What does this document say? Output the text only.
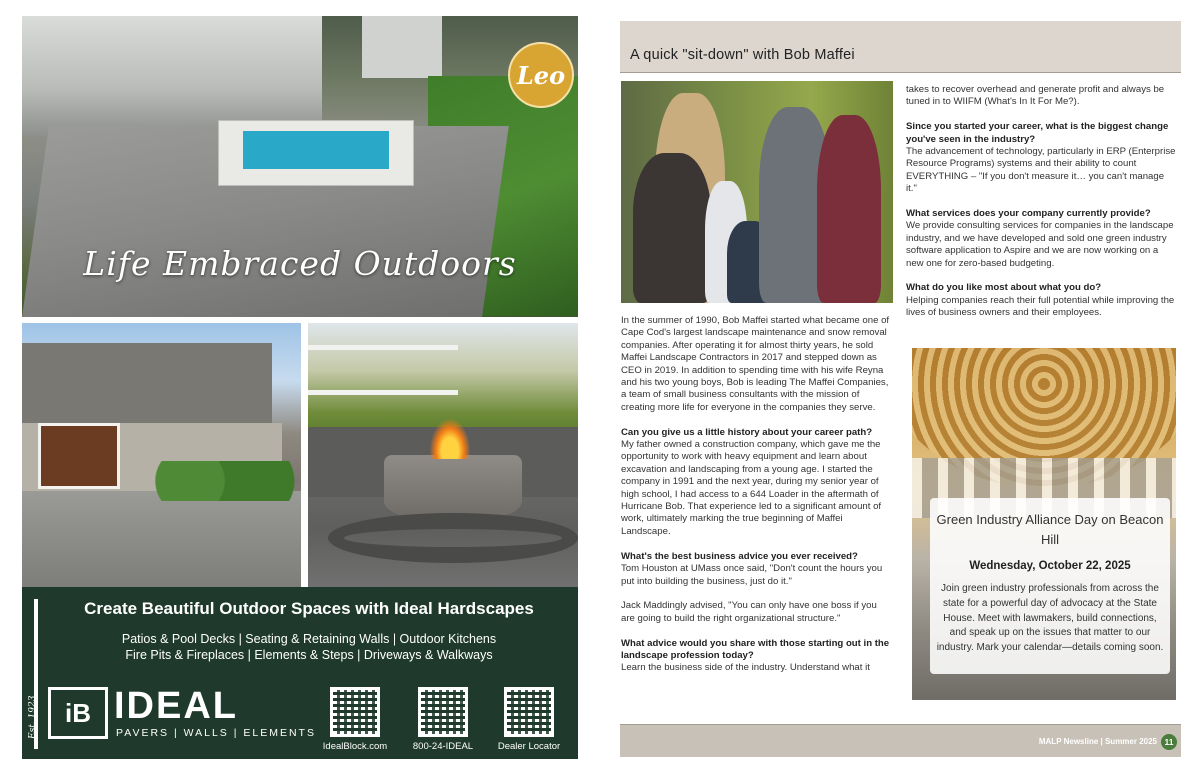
Leo
Life Embraced Outdoors
Create Beautiful Outdoor Spaces with Ideal Hardscapes
Patios & Pool Decks | Seating & Retaining Walls | Outdoor Kitchens
Fire Pits & Fireplaces | Elements & Steps | Driveways & Walkways
Est. 1923	iB IDEAL
PAVERS | WALLS | ELEMENTS
IdealBlock.com	800-24-IDEAL	Dealer Locator
A quick "sit-down" with Bob Maffei

In the summer of 1990, Bob Maffei started what became one of Cape Cod's largest landscape maintenance and snow removal companies. After operating it for almost thirty years, he sold Maffei Landscape Contractors in 2017 and stepped down as CEO in 2019. In addition to spending time with his wife Reyna and his two young boys, Bob is leading The Maffei Companies, a team of small business consultants with the mission of creating more life for everyone in the companies they serve.

Can you give us a little history about your career path?
My father owned a construction company, which gave me the opportunity to work with heavy equipment and learn about excavation and landscaping from a young age. I started the company in 1991 and the next year, during my senior year of high school, I had access to a 644 Loader in the aftermath of Hurricane Bob. That experience led to a significant amount of work, ultimately marking the true beginning of Maffei Landscape.

What's the best business advice you ever received?
Tom Houston at UMass once said, "Don't count the hours you put into building the business, just do it."

Jack Maddingly advised, "You can only have one boss if you are going to build the right organizational structure."

What advice would you share with those starting out in the landscape profession today?
Learn the business side of the industry. Understand what it

takes to recover overhead and generate profit and always be tuned in to WIIFM (What's In It For Me?).

Since you started your career, what is the biggest change you've seen in the industry?
The advancement of technology, particularly in ERP (Enterprise Resource Programs) systems and their ability to count EVERYTHING – "If you don't measure it… you can't manage it."

What services does your company currently provide?
We provide consulting services for companies in the landscape industry, and we have developed and sold one green industry software application to Aspire and we are now working on a new one for zero-based budgeting.

What do you like most about what you do?
Helping companies reach their full potential while improving the lives of business owners and their employees.

Green Industry Alliance Day on Beacon Hill
Wednesday, October 22, 2025
Join green industry professionals from across the state for a powerful day of advocacy at the State House. Meet with lawmakers, build connections, and speak up on the issues that matter to our industry. Mark your calendar—details coming soon.
MALP Newsline | Summer 2025 11
